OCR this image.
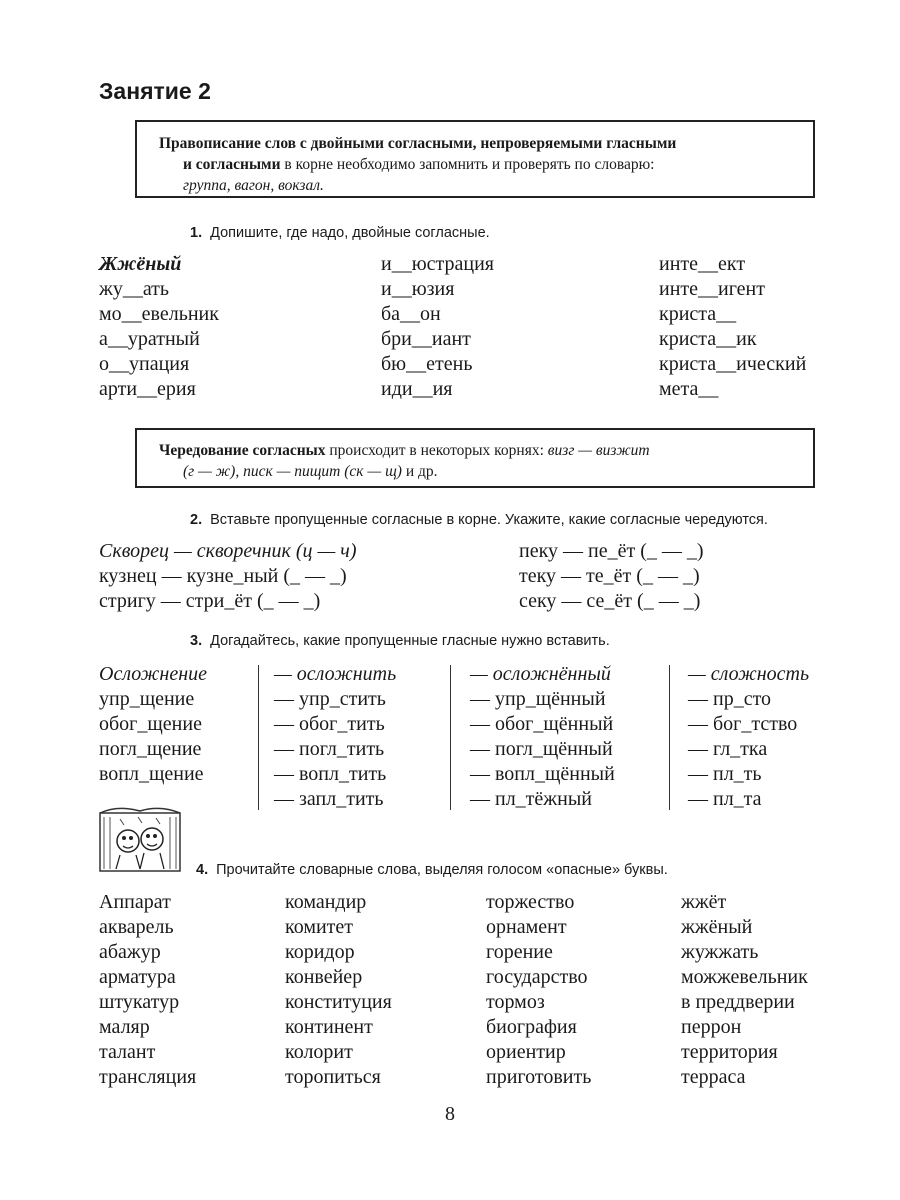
Занятие 2
Правописание слов с двойными согласными, непроверяемыми гласными
и согласными в корне необходимо запомнить и проверять по словарю:
группа, вагон, вокзал.
1. Допишите, где надо, двойные согласные.
Жжёный
жу__ать
мо__евельник
а__уратный
о__упация
арти__ерия
и__юстрация
и__юзия
ба__он
бри__иант
бю__етень
иди__ия
инте__ект
инте__игент
криста__
криста__ик
криста__ический
мета__
Чередование согласных происходит в некоторых корнях: визг — визжит
(г — ж), писк — пищит (ск — щ) и др.
2. Вставьте пропущенные согласные в корне. Укажите, какие согласные чередуются.
Скворец — скворечник (ц — ч)
кузнец — кузне_ный (_ — _)
стригу — стри_ёт (_ — _)
пеку — пе_ёт (_ — _)
теку — те_ёт (_ — _)
секу — се_ёт (_ — _)
3. Догадайтесь, какие пропущенные гласные нужно вставить.
Осложнение
упр_щение
обог_щение
погл_щение
вопл_щение
— осложнить
— упр_стить
— обог_тить
— погл_тить
— вопл_тить
— запл_тить
— осложнённый
— упр_щённый
— обог_щённый
— погл_щённый
— вопл_щённый
— пл_тёжный
— сложность
— пр_сто
— бог_тство
— гл_тка
— пл_ть
— пл_та
4. Прочитайте словарные слова, выделяя голосом «опасные» буквы.
Аппарат
акварель
абажур
арматура
штукатур
маляр
талант
трансляция
командир
комитет
коридор
конвейер
конституция
континент
колорит
торопиться
торжество
орнамент
горение
государство
тормоз
биография
ориентир
приготовить
жжёт
жжёный
жужжать
можжевельник
в преддверии
перрон
территория
терраса
8
